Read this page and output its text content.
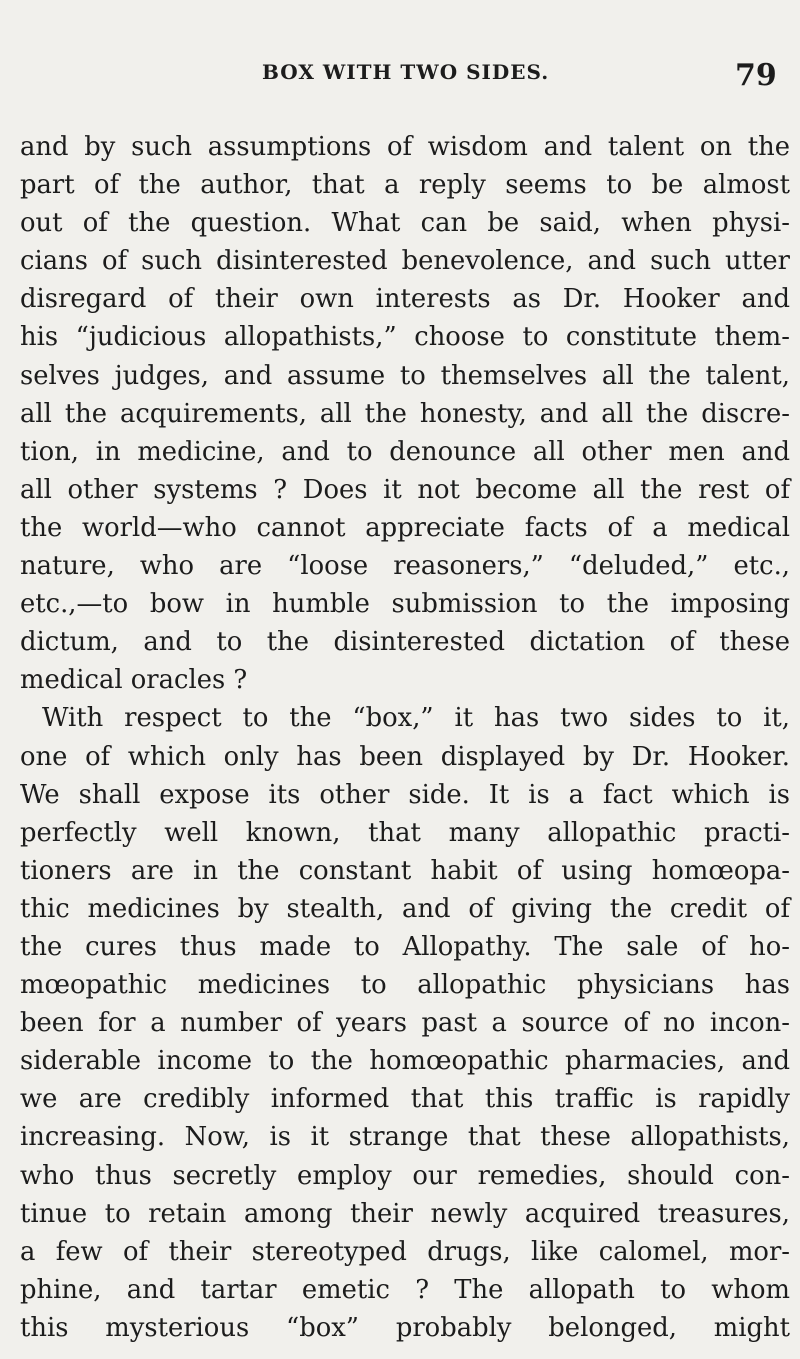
BOX WITH TWO SIDES.	79
and by such assumptions of wisdom and talent on the
part of the author, that a reply seems to be almost
out of the question. What can be said, when physi-
cians of such disinterested benevolence, and such utter
disregard of their own interests as Dr. Hooker and
his “judicious allopathists,” choose to constitute them-
selves judges, and assume to themselves all the talent,
all the acquirements, all the honesty, and all the discre-
tion, in medicine, and to denounce all other men and
all other systems ? Does it not become all the rest of
the world—who cannot appreciate facts of a medical
nature, who are “loose reasoners,” “deluded,” etc.,
etc.,—to bow in humble submission to the imposing
dictum, and to the disinterested dictation of these
medical oracles ?
With respect to the “box,” it has two sides to it,
one of which only has been displayed by Dr. Hooker.
We shall expose its other side. It is a fact which is
perfectly well known, that many allopathic practi-
tioners are in the constant habit of using homœopa-
thic medicines by stealth, and of giving the credit of
the cures thus made to Allopathy. The sale of ho-
mœopathic medicines to allopathic physicians has
been for a number of years past a source of no incon-
siderable income to the homœopathic pharmacies, and
we are credibly informed that this traffic is rapidly
increasing. Now, is it strange that these allopathists,
who thus secretly employ our remedies, should con-
tinue to retain among their newly acquired treasures,
a few of their stereotyped drugs, like calomel, mor-
phine, and tartar emetic ? The allopath to whom
this mysterious “box” probably belonged, might
